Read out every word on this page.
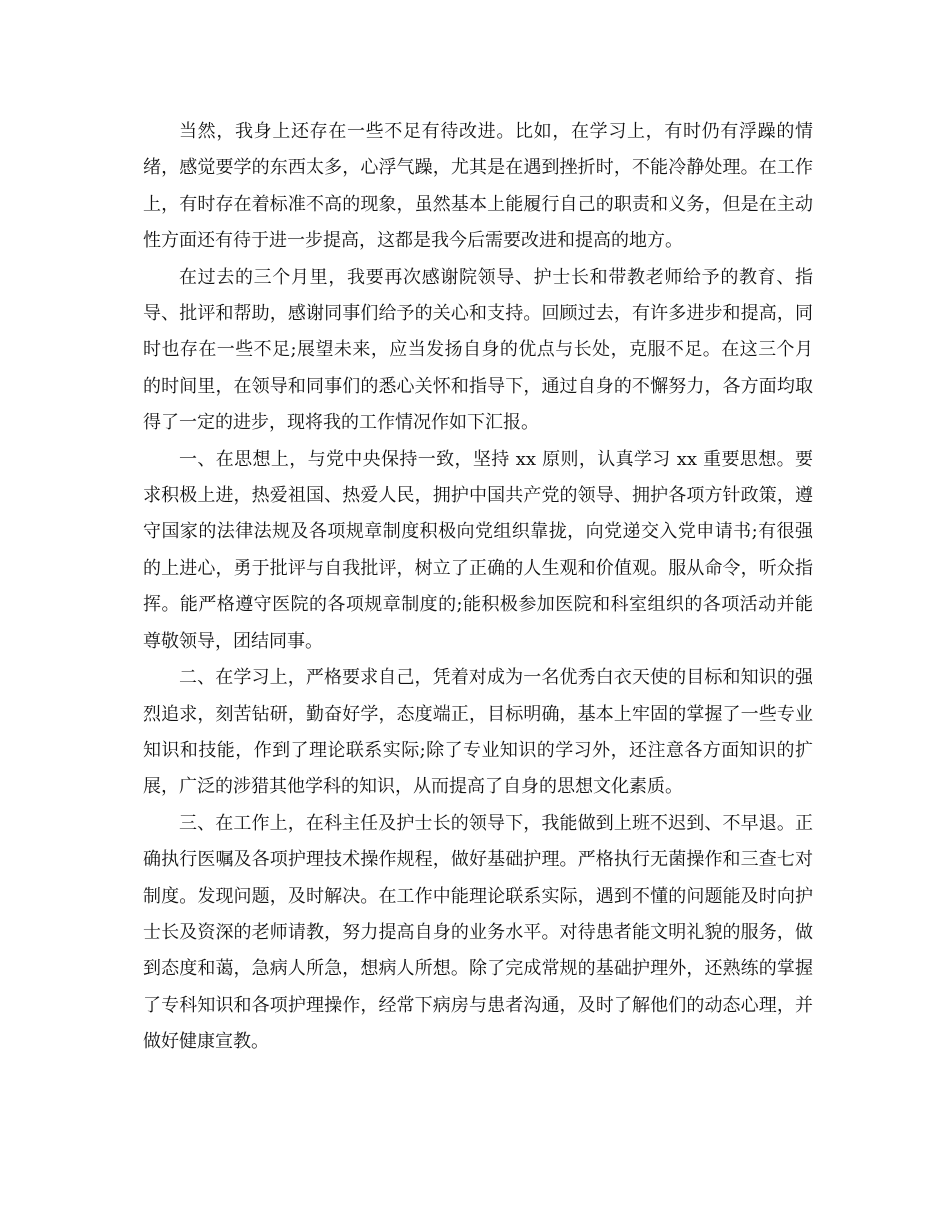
当然，我身上还存在一些不足有待改进。比如，在学习上，有时仍有浮躁的情绪，感觉要学的东西太多，心浮气躁，尤其是在遇到挫折时，不能冷静处理。在工作上，有时存在着标准不高的现象，虽然基本上能履行自己的职责和义务，但是在主动性方面还有待于进一步提高，这都是我今后需要改进和提高的地方。

在过去的三个月里，我要再次感谢院领导、护士长和带教老师给予的教育、指导、批评和帮助，感谢同事们给予的关心和支持。回顾过去，有许多进步和提高，同时也存在一些不足;展望未来，应当发扬自身的优点与长处，克服不足。在这三个月的时间里，在领导和同事们的悉心关怀和指导下，通过自身的不懈努力，各方面均取得了一定的进步，现将我的工作情况作如下汇报。

一、在思想上，与党中央保持一致，坚持 xx 原则，认真学习 xx 重要思想。要求积极上进，热爱祖国、热爱人民，拥护中国共产党的领导、拥护各项方针政策，遵守国家的法律法规及各项规章制度积极向党组织靠拢，向党递交入党申请书;有很强的上进心，勇于批评与自我批评，树立了正确的人生观和价值观。服从命令，听众指挥。能严格遵守医院的各项规章制度的;能积极参加医院和科室组织的各项活动并能尊敬领导，团结同事。

二、在学习上，严格要求自己，凭着对成为一名优秀白衣天使的目标和知识的强烈追求，刻苦钻研，勤奋好学，态度端正，目标明确，基本上牢固的掌握了一些专业知识和技能，作到了理论联系实际;除了专业知识的学习外，还注意各方面知识的扩展，广泛的涉猎其他学科的知识，从而提高了自身的思想文化素质。

三、在工作上，在科主任及护士长的领导下，我能做到上班不迟到、不早退。正确执行医嘱及各项护理技术操作规程，做好基础护理。严格执行无菌操作和三查七对制度。发现问题，及时解决。在工作中能理论联系实际，遇到不懂的问题能及时向护士长及资深的老师请教，努力提高自身的业务水平。对待患者能文明礼貌的服务，做到态度和蔼，急病人所急，想病人所想。除了完成常规的基础护理外，还熟练的掌握了专科知识和各项护理操作，经常下病房与患者沟通，及时了解他们的动态心理，并做好健康宣教。
